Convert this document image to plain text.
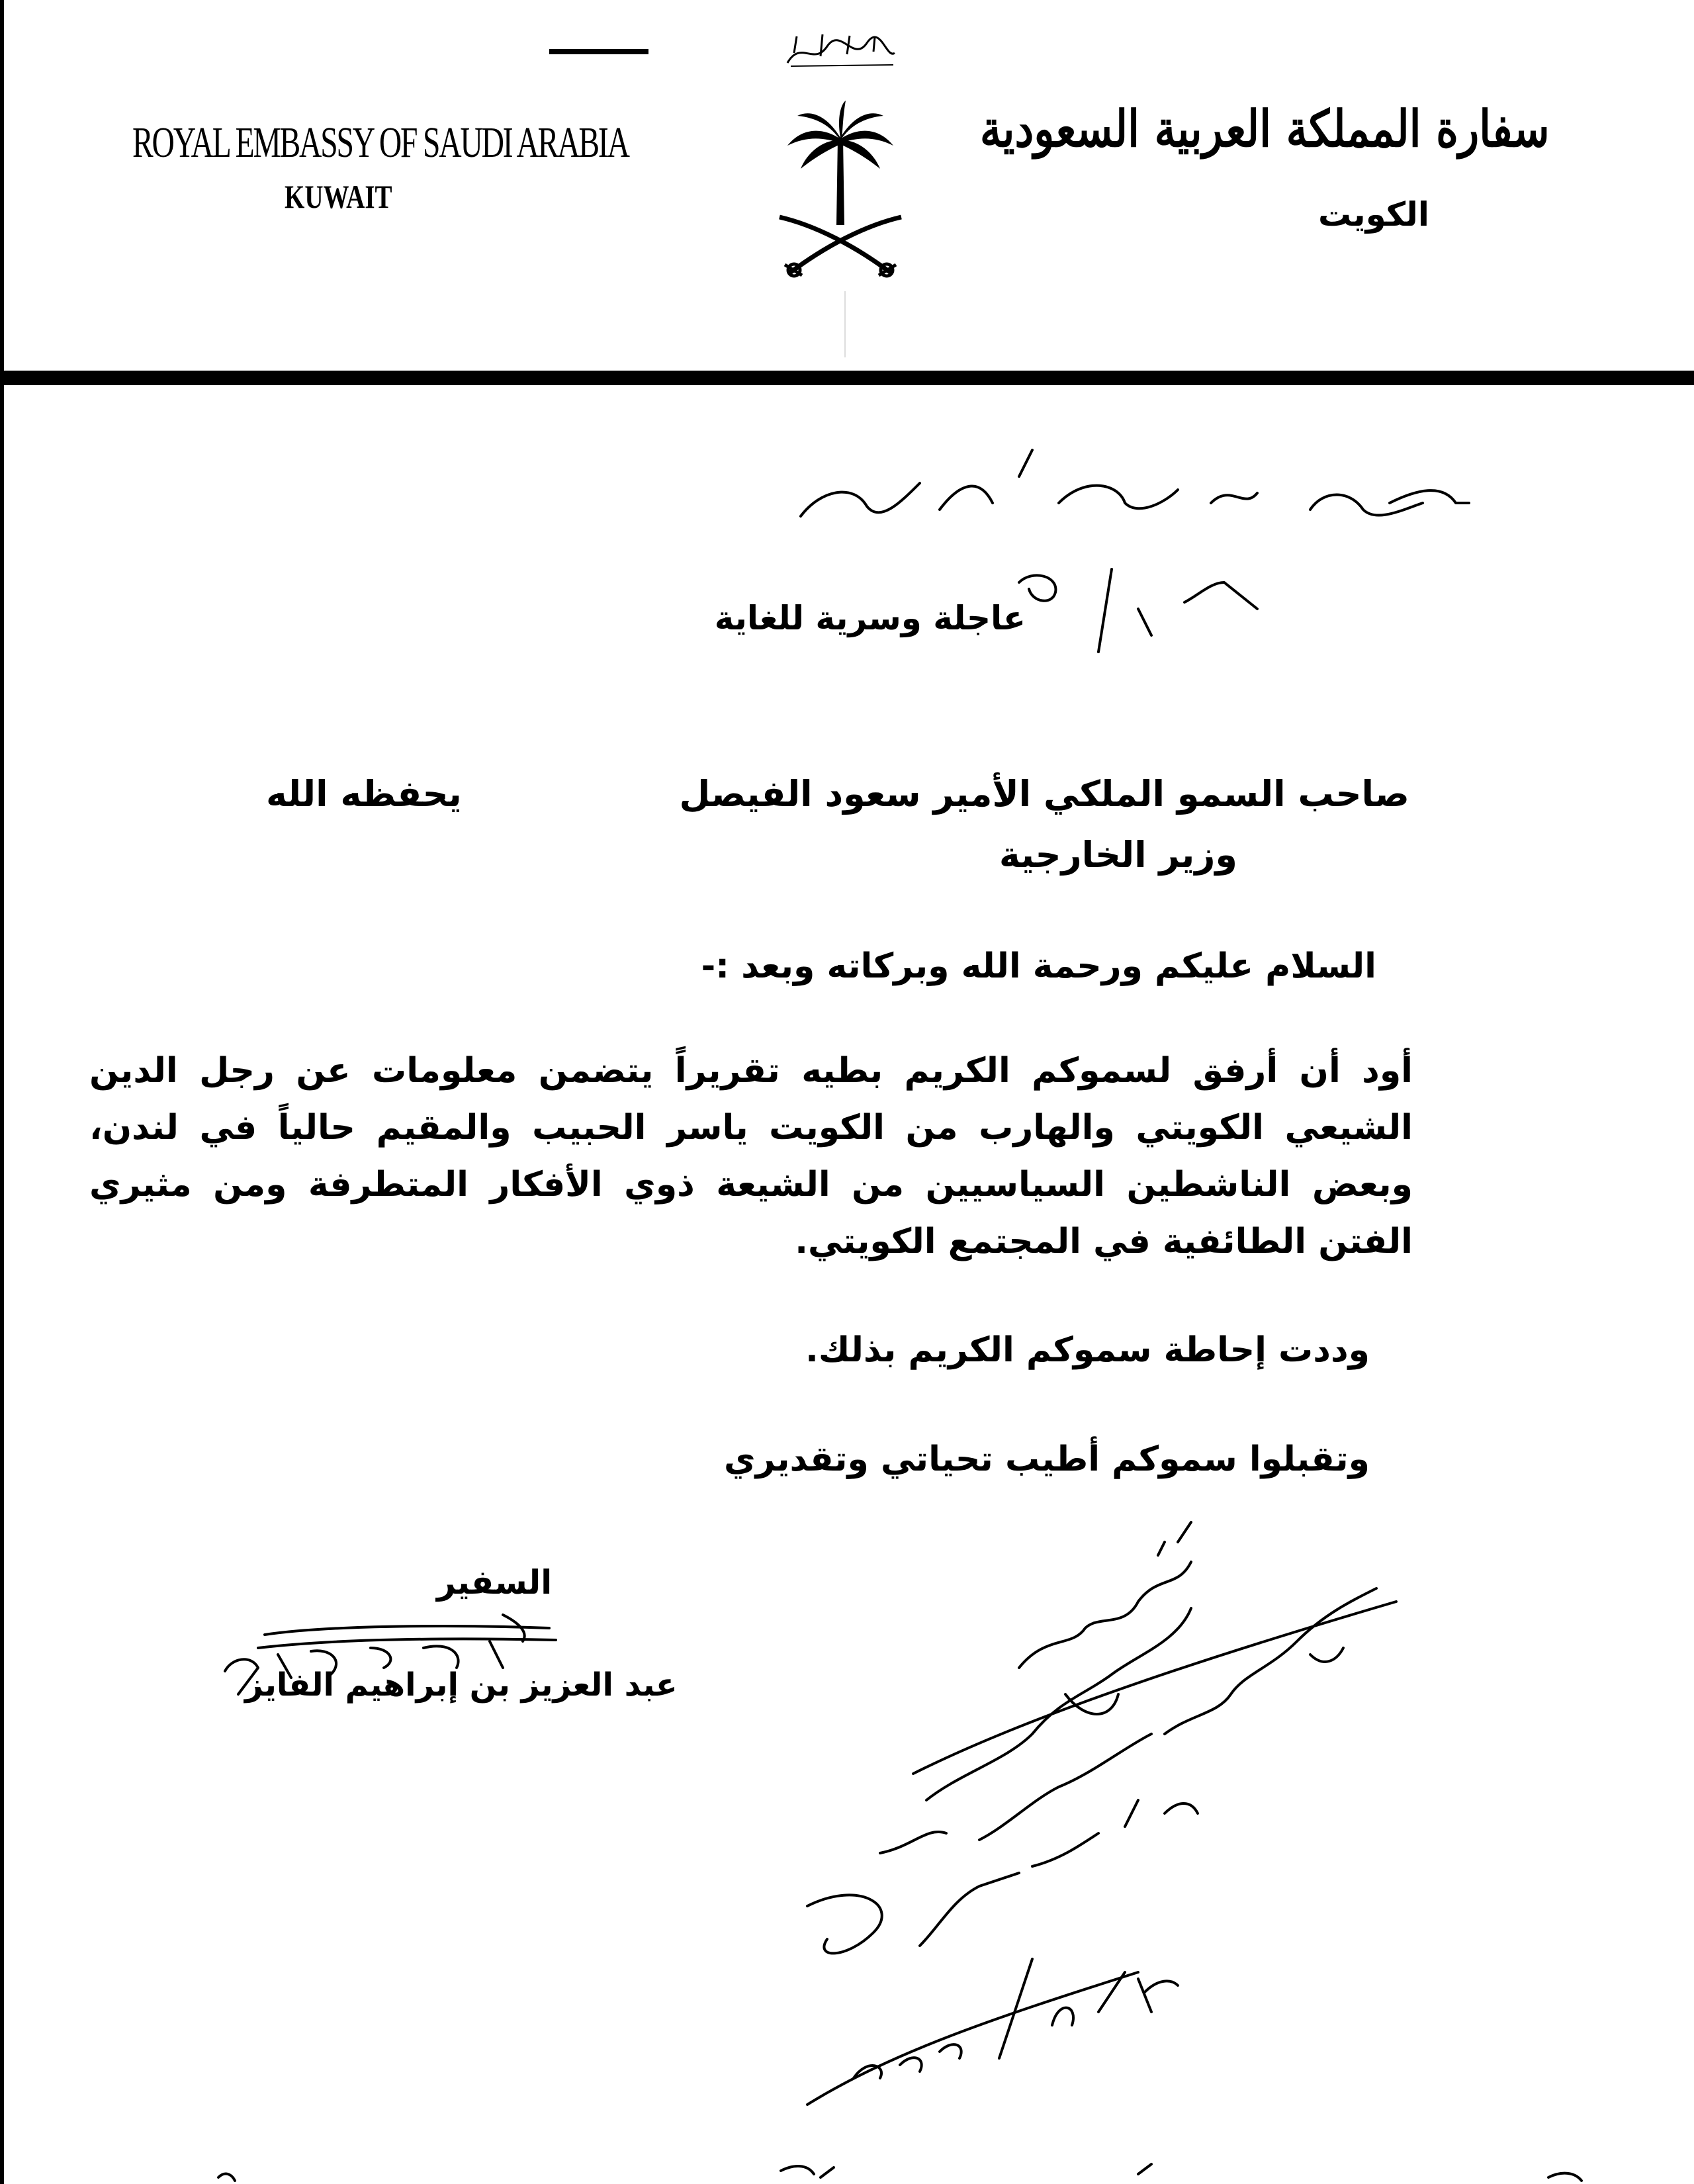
ROYAL EMBASSY OF SAUDI ARABIA
KUWAIT
سفارة المملكة العربية السعودية
الكويت
عاجلة وسرية للغاية
صاحب السمو الملكي الأمير سعود الفيصل
يحفظه الله
وزير الخارجية
السلام عليكم ورحمة الله وبركاته وبعد :-
أود أن أرفق لسموكم الكريم بطيه تقريراً يتضمن معلومات عن رجل الدين الشيعي الكويتي والهارب من الكويت ياسر الحبيب والمقيم حالياً في لندن، وبعض الناشطين السياسيين من الشيعة ذوي الأفكار المتطرفة ومن مثيري الفتن الطائفية في المجتمع الكويتي.
وددت إحاطة سموكم الكريم بذلك.
وتقبلوا سموكم أطيب تحياتي وتقديري
السفير
عبد العزيز بن إبراهيم الفايز
